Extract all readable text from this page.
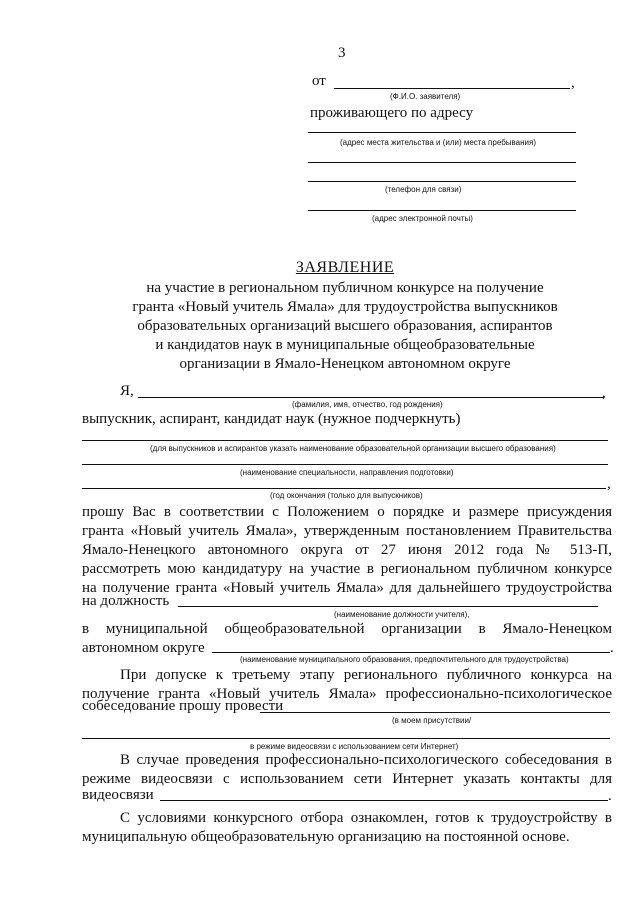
3
от	,
(Ф.И.О. заявителя)
проживающего по адресу
(адрес места жительства и (или) места пребывания)
(телефон для связи)
(адрес электронной почты)
ЗАЯВЛЕНИЕ
на участие в региональном публичном конкурсе на получение
гранта «Новый учитель Ямала» для трудоустройства выпускников
образовательных организаций высшего образования, аспирантов
и кандидатов наук в муниципальные общеобразовательные
организации в Ямало-Ненецком автономном округе
Я,	,
(фамилия, имя, отчество, год рождения)
выпускник, аспирант, кандидат наук (нужное подчеркнуть)
(для выпускников и аспирантов указать наименование образовательной организации высшего образования)
(наименование специальности, направления подготовки)
,
(год окончания (только для выпускников)
прошу Вас в соответствии с Положением о порядке и размере присуждения
гранта «Новый учитель Ямала», утвержденным постановлением Правительства
Ямало-Ненецкого автономного округа от 27 июня 2012 года № 513-П,
рассмотреть мою кандидатуру на участие в региональном публичном конкурсе
на получение гранта «Новый учитель Ямала» для дальнейшего трудоустройства
на должность
(наименование должности учителя),
в муниципальной общеобразовательной организации в Ямало-Ненецком
автономном округе	.
(наименование муниципального образования, предпочтительного для трудоустройства)
При допуске к третьему этапу регионального публичного конкурса на
получение гранта «Новый учитель Ямала» профессионально-психологическое
собеседование прошу провести
(в моем присутствии/
в режиме видеосвязи с использованием сети Интернет)
В случае проведения профессионально-психологического собеседования в
режиме видеосвязи с использованием сети Интернет указать контакты для
видеосвязи	.
С условиями конкурсного отбора ознакомлен, готов к трудоустройству в
муниципальную общеобразовательную организацию на постоянной основе.
